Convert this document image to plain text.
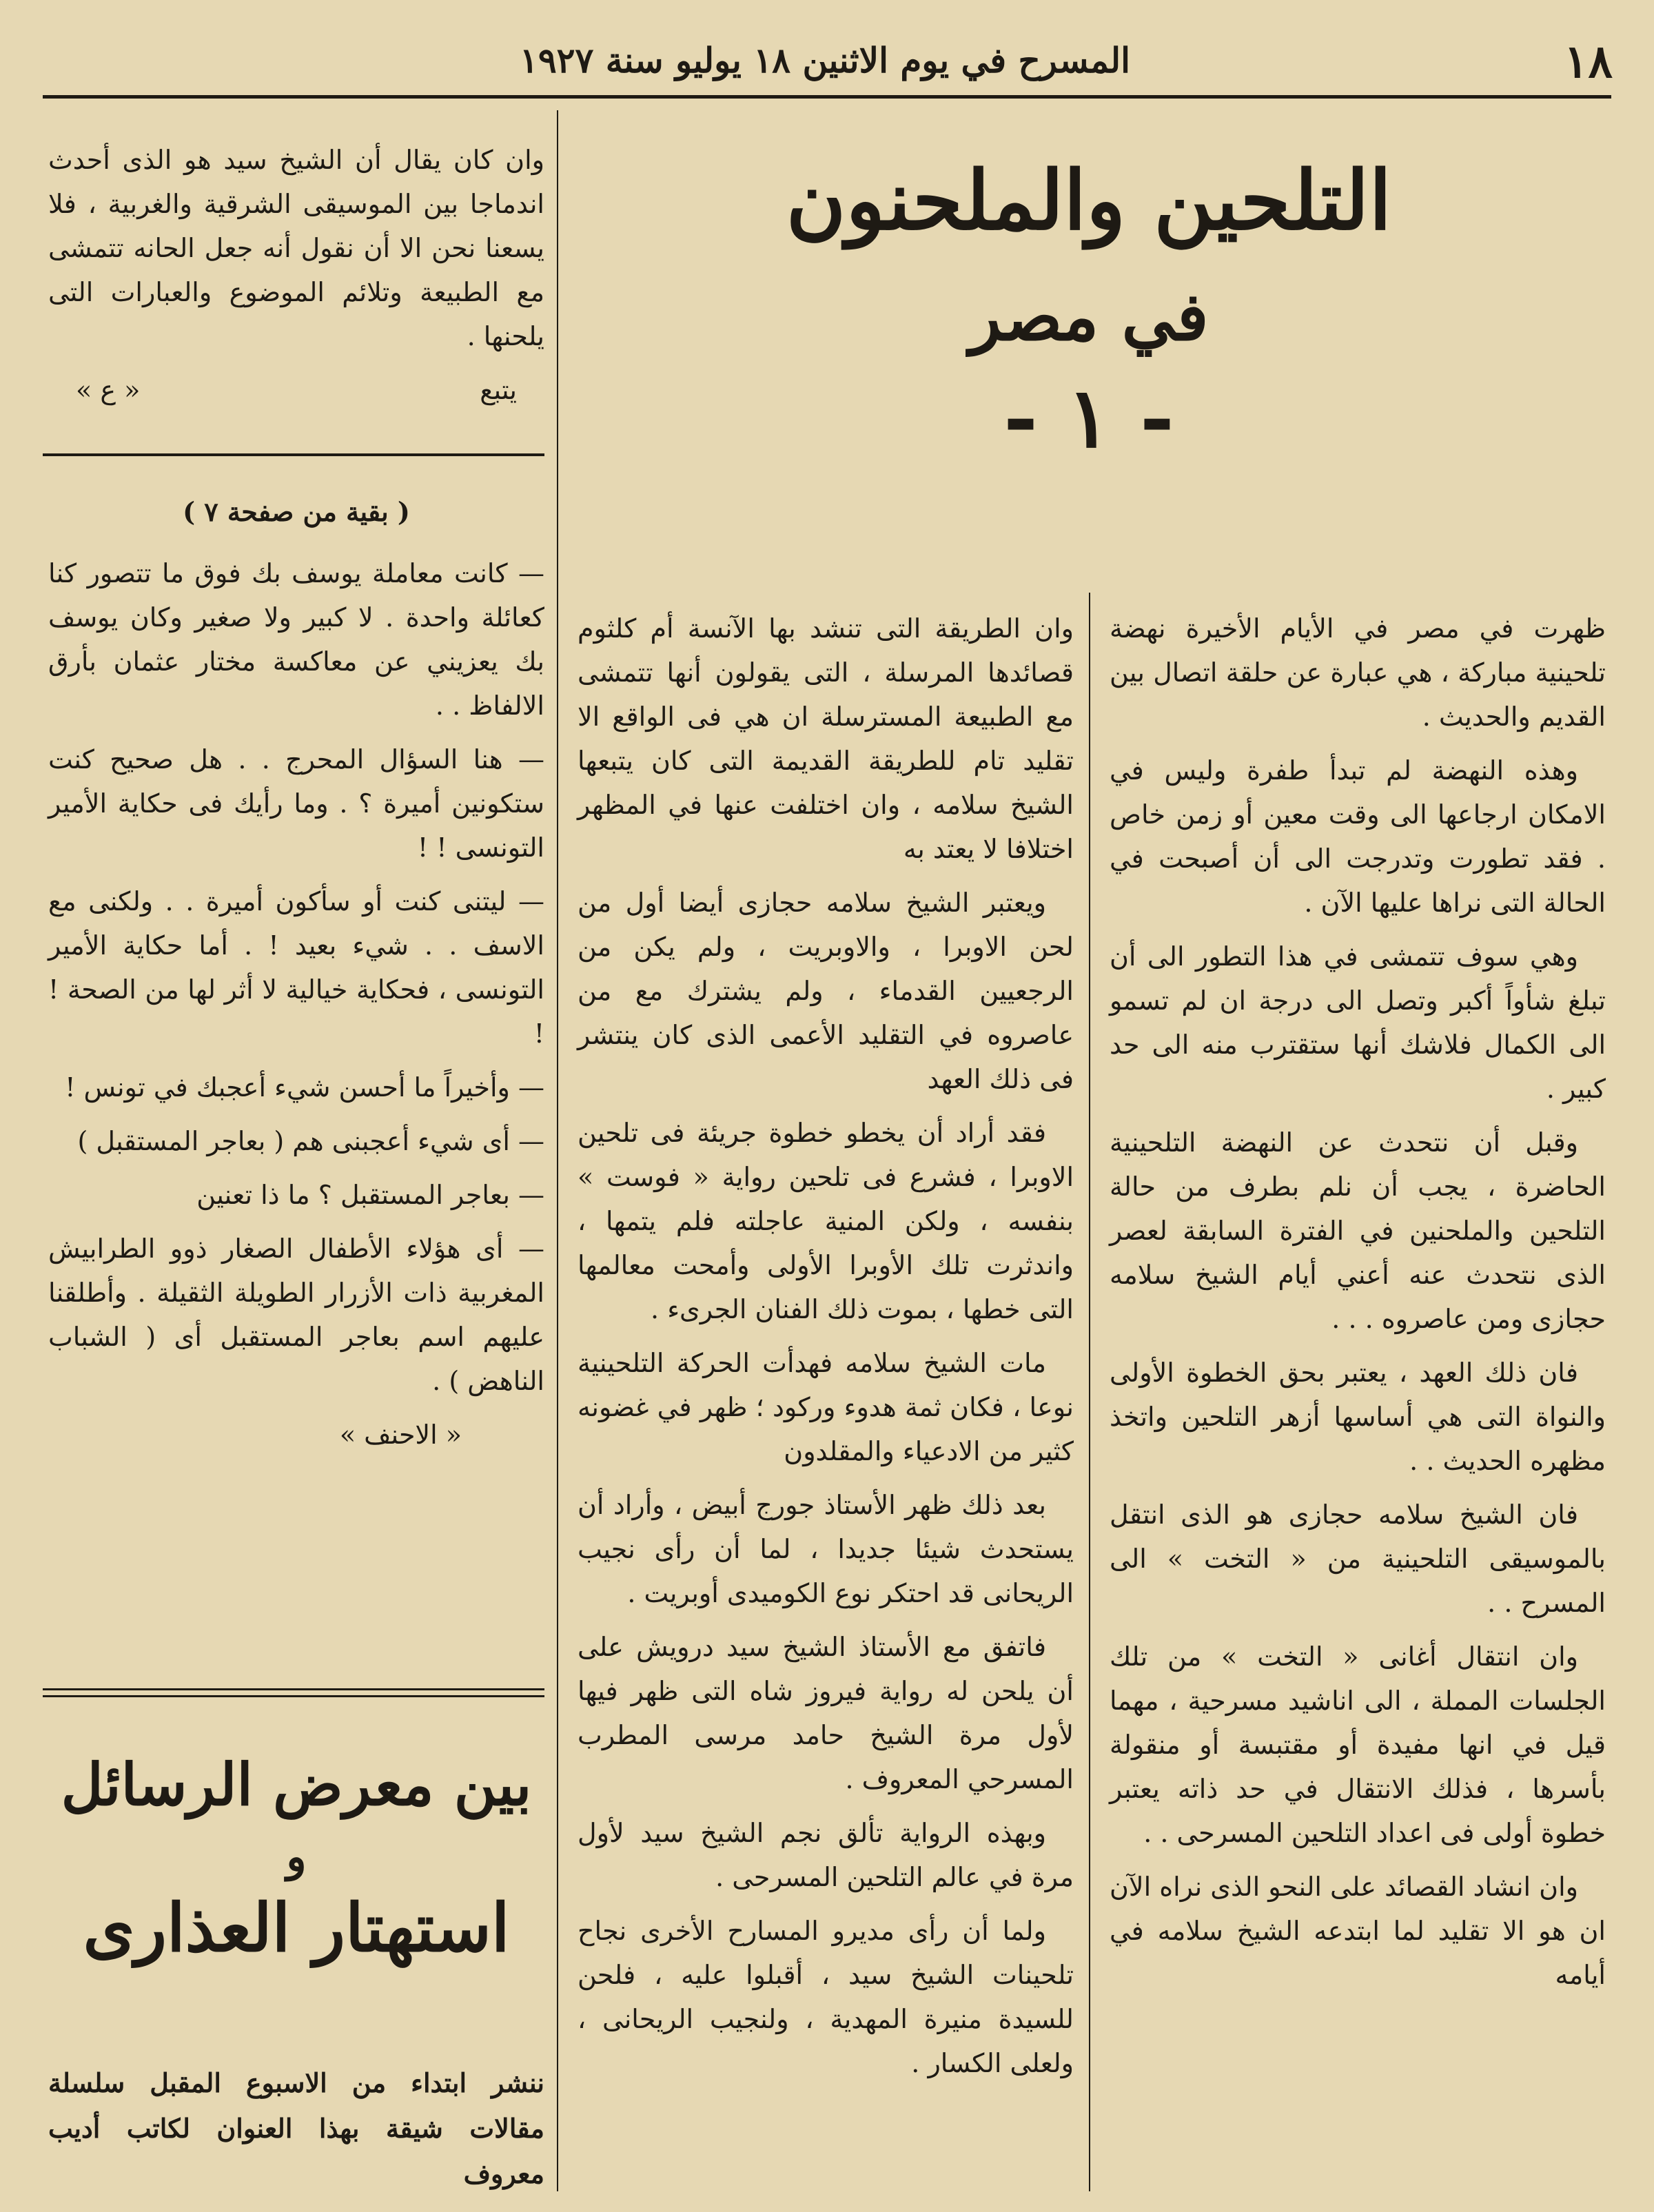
١٨
المسرح في يوم الاثنين ١٨ يوليو سنة ١٩٢٧
التلحين والملحنون
في مصر
- ١ -

ظهرت في مصر في الأيام الأخيرة نهضة تلحينية مباركة ، هي عبارة عن حلقة اتصال بين القديم والحديث .

وهذه النهضة لم تبدأ طفرة وليس في الامكان ارجاعها الى وقت معين أو زمن خاص . فقد تطورت وتدرجت الى أن أصبحت في الحالة التى نراها عليها الآن .

وهي سوف تتمشى في هذا التطور الى أن تبلغ شأواً أكبر وتصل الى درجة ان لم تسمو الى الكمال فلاشك أنها ستقترب منه الى حد كبير .

وقبل أن نتحدث عن النهضة التلحينية الحاضرة ، يجب أن نلم بطرف من حالة التلحين والملحنين في الفترة السابقة لعصر الذى نتحدث عنه أعني أيام الشيخ سلامه حجازى ومن عاصروه . . .

فان ذلك العهد ، يعتبر بحق الخطوة الأولى والنواة التى هي أساسها أزهر التلحين واتخذ مظهره الحديث . .

فان الشيخ سلامه حجازى هو الذى انتقل بالموسيقى التلحينية من « التخت » الى المسرح . .

وان انتقال أغانى « التخت » من تلك الجلسات المملة ، الى اناشيد مسرحية ، مهما قيل في انها مفيدة أو مقتبسة أو منقولة بأسرها ، فذلك الانتقال في حد ذاته يعتبر خطوة أولى فى اعداد التلحين المسرحى . .

وان انشاد القصائد على النحو الذى نراه الآن ان هو الا تقليد لما ابتدعه الشيخ سلامه في أيامه

وان الطريقة التى تنشد بها الآنسة أم كلثوم قصائدها المرسلة ، التى يقولون أنها تتمشى مع الطبيعة المسترسلة ان هي فى الواقع الا تقليد تام للطريقة القديمة التى كان يتبعها الشيخ سلامه ، وان اختلفت عنها في المظهر اختلافا لا يعتد به

ويعتبر الشيخ سلامه حجازى أيضا أول من لحن الاوبرا ، والاوبريت ، ولم يكن من الرجعيين القدماء ، ولم يشترك مع من عاصروه في التقليد الأعمى الذى كان ينتشر فى ذلك العهد

فقد أراد أن يخطو خطوة جريئة فى تلحين الاوبرا ، فشرع فى تلحين رواية « فوست » بنفسه ، ولكن المنية عاجلته فلم يتمها ، واندثرت تلك الأوبرا الأولى وأمحت معالمها التى خطها ، بموت ذلك الفنان الجرىء .

مات الشيخ سلامه فهدأت الحركة التلحينية نوعا ، فكان ثمة هدوء وركود ؛ ظهر في غضونه كثير من الادعياء والمقلدون

بعد ذلك ظهر الأستاذ جورج أبيض ، وأراد أن يستحدث شيئا جديدا ، لما أن رأى نجيب الريحانى قد احتكر نوع الكوميدى أوبريت .

فاتفق مع الأستاذ الشيخ سيد درويش على أن يلحن له رواية فيروز شاه التى ظهر فيها لأول مرة الشيخ حامد مرسى المطرب المسرحي المعروف .

وبهذه الرواية تألق نجم الشيخ سيد لأول مرة في عالم التلحين المسرحى .

ولما أن رأى مديرو المسارح الأخرى نجاح تلحينات الشيخ سيد ، أقبلوا عليه ، فلحن للسيدة منيرة المهدية ، ولنجيب الريحانى ، ولعلى الكسار .

وان كان يقال أن الشيخ سيد هو الذى أحدث اندماجا بين الموسيقى الشرقية والغربية ، فلا يسعنا نحن الا أن نقول أنه جعل الحانه تتمشى مع الطبيعة وتلائم الموضوع والعبارات التى يلحنها .

يتبع
« ع »
( بقية من صفحة ٧ )

— كانت معاملة يوسف بك فوق ما تتصور كنا كعائلة واحدة . لا كبير ولا صغير وكان يوسف بك يعزيني عن معاكسة مختار عثمان بأرق الالفاظ . .

— هنا السؤال المحرج . . هل صحيح كنت ستكونين أميرة ؟ . وما رأيك فى حكاية الأمير التونسى ! !

— ليتنى كنت أو سأكون أميرة . . ولكنى مع الاسف . . شيء بعيد ! . أما حكاية الأمير التونسى ، فحكاية خيالية لا أثر لها من الصحة ! !

— وأخيراً ما أحسن شيء أعجبك في تونس !

— أى شيء أعجبنى هم ( بعاجر المستقبل )

— بعاجر المستقبل ؟ ما ذا تعنين

— أى هؤلاء الأطفال الصغار ذوو الطرابيش المغربية ذات الأزرار الطويلة الثقيلة . وأطلقنا عليهم اسم بعاجر المستقبل أى ( الشباب الناهض ) .

« الاحنف »
بين معرض الرسائل
و
استهتار العذارى

ننشر ابتداء من الاسبوع المقبل سلسلة مقالات شيقة بهذا العنوان لكاتب أديب معروف
